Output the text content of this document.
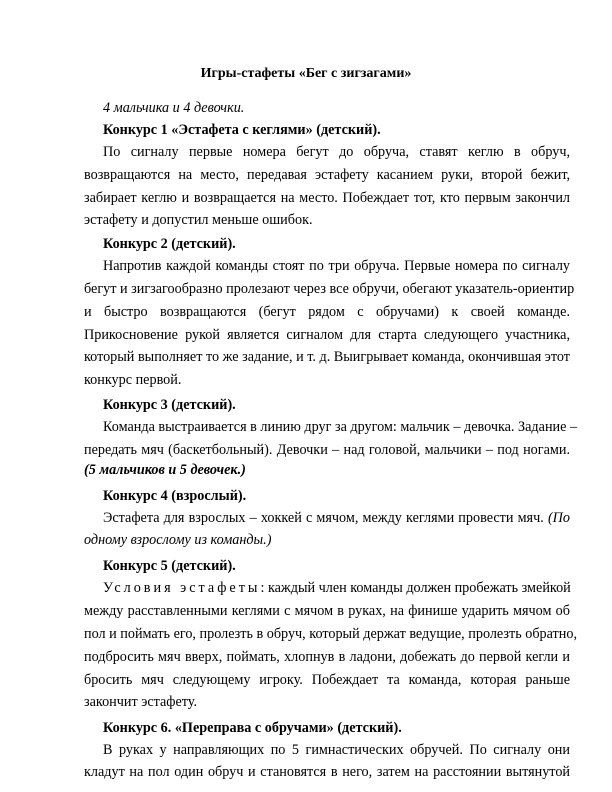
Игры-стафеты «Бег с зигзагами»
4 мальчика и 4 девочки.
Конкурс 1 «Эстафета с кеглями» (детский).
По сигналу первые номера бегут до обруча, ставят кеглю в обруч,
возвращаются на место, передавая эстафету касанием руки, второй бежит,
забирает кеглю и возвращается на место. Побеждает тот, кто первым закончил
эстафету и допустил меньше ошибок.
Конкурс 2 (детский).
Напротив каждой команды стоят по три обруча. Первые номера по сигналу
бегут и зигзагообразно пролезают через все обручи, обегают указатель-ориентир
и быстро возвращаются (бегут рядом с обручами) к своей команде.
Прикосновение рукой является сигналом для старта следующего участника,
который выполняет то же задание, и т. д. Выигрывает команда, окончившая этот
конкурс первой.
Конкурс 3 (детский).
Команда выстраивается в линию друг за другом: мальчик – девочка. Задание –
передать мяч (баскетбольный). Девочки – над головой, мальчики – под ногами.
(5 мальчиков и 5 девочек.)
Конкурс 4 (взрослый).
Эстафета для взрослых – хоккей с мячом, между кеглями провести мяч. (По
одному взрослому из команды.)
Конкурс 5 (детский).
Условия эстафеты: каждый член команды должен пробежать змейкой
между расставленными кеглями с мячом в руках, на финише ударить мячом об
пол и поймать его, пролезть в обруч, который держат ведущие, пролезть обратно,
подбросить мяч вверх, поймать, хлопнув в ладони, добежать до первой кегли и
бросить мяч следующему игроку. Побеждает та команда, которая раньше
закончит эстафету.
Конкурс 6. «Переправа с обручами» (детский).
В руках у направляющих по 5 гимнастических обручей. По сигналу они
кладут на пол один обруч и становятся в него, затем на расстоянии вытянутой
